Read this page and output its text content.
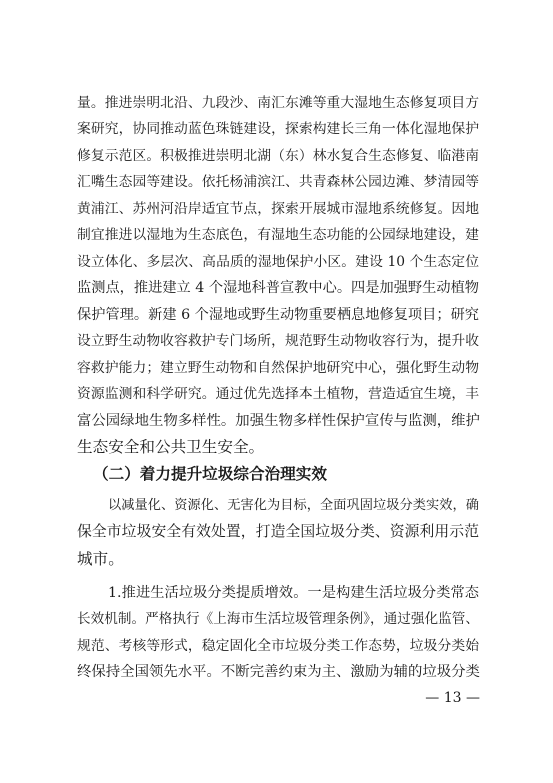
量。推进崇明北沿、九段沙、南汇东滩等重大湿地生态修复项目方
案研究，协同推动蓝色珠链建设，探索构建长三角一体化湿地保护
修复示范区。积极推进崇明北湖（东）林水复合生态修复、临港南
汇嘴生态园等建设。依托杨浦滨江、共青森林公园边滩、梦清园等
黄浦江、苏州河沿岸适宜节点，探索开展城市湿地系统修复。因地
制宜推进以湿地为生态底色，有湿地生态功能的公园绿地建设，建
设立体化、多层次、高品质的湿地保护小区。建设 10 个生态定位
监测点，推进建立 4 个湿地科普宣教中心。四是加强野生动植物
保护管理。新建 6 个湿地或野生动物重要栖息地修复项目；研究
设立野生动物收容救护专门场所，规范野生动物收容行为，提升收
容救护能力；建立野生动物和自然保护地研究中心，强化野生动物
资源监测和科学研究。通过优先选择本土植物，营造适宜生境，丰
富公园绿地生物多样性。加强生物多样性保护宣传与监测，维护
生态安全和公共卫生安全。
（二）着力提升垃圾综合治理实效
以减量化、资源化、无害化为目标，全面巩固垃圾分类实效，确
保全市垃圾安全有效处置，打造全国垃圾分类、资源利用示范
城市。
1.推进生活垃圾分类提质增效。一是构建生活垃圾分类常态
长效机制。严格执行《上海市生活垃圾管理条例》，通过强化监管、
规范、考核等形式，稳定固化全市垃圾分类工作态势，垃圾分类始
终保持全国领先水平。不断完善约束为主、激励为辅的垃圾分类
— 13 —
